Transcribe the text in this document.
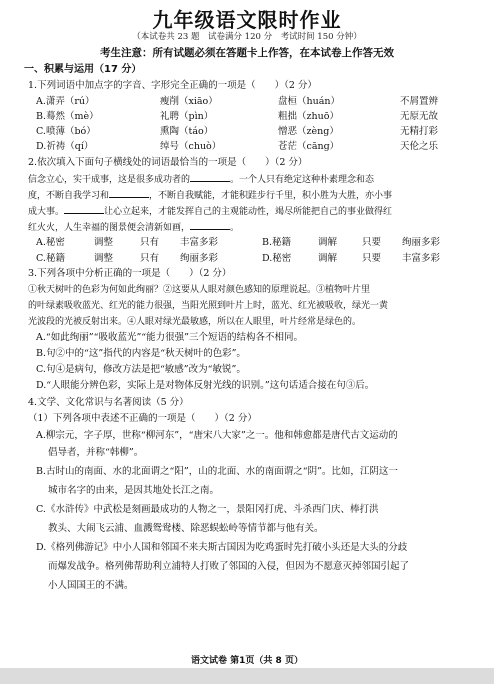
九年级语文限时作业
（本试卷共 23 题　试卷满分 120 分　考试时间 150 分钟）
考生注意：所有试题必须在答题卡上作答，在本试卷上作答无效
一、积累与运用（17 分）
1.下列词语中加点字的字音、字形完全正确的一项是（　　）（2 分）
A.潇弄（rú）	瘦削（xiāo）	盘桓（huán）	不屑置辨
B.蓦然（mè）	礼聘（pìn）	粗拙（zhuō）	无原无故
C.喷薄（bó）	熏陶（táo）	憎恶（zèng）	无精打彩
D.祈祷（qí）	绰号（chuò）	苍茫（cāng）	天伦之乐
2.依次填入下面句子横线处的词语最恰当的一项是（　　）（2 分）
信念立心，实干成事，这是很多成功者的	。一个人只有绝定这种朴素理念和态
度，不断自我学习和	，不断自我赋能，才能积跬步行千里，积小胜为大胜，亦小事
成大事。	让心立起来，才能发挥自己的主观能动性，竭尽所能把自己的事业做得红
红火火，人生幸福的图景便会清新如画，	。
A.秘密	调整	只有 丰富多彩	B.秘籍	调解	只要 绚丽多彩
C.秘籍	调整	只有 绚丽多彩	D.秘密	调解	只要 丰富多彩
3.下列各项中分析正确的一项是（　　）（2 分）
①秋天树叶的色彩为何如此绚丽？②这要从人眼对颜色感知的原理说起。③植物叶片里
的叶绿素吸收蓝光、红光的能力很强，当阳光照到叶片上时，蓝光、红光被吸收，绿光一黄
光波段的光被反射出来。④人眼对绿光最敏感，所以在人眼里，叶片经常是绿色的。
A.“如此绚丽”“吸收蓝光”“能力很强”三个短语的结构各不相同。
B.句②中的“这”指代的内容是“秋天树叶的色彩”。
C.句④是病句，修改方法是把“敏感”改为“敏锐”。
D.“人眼能分辨色彩，实际上是对物体反射光线的识别。”这句话适合接在句③后。
4.文学、文化常识与名著阅读（5 分）
（1）下列各项中表述不正确的一项是（　　）（2 分）
A.柳宗元，字子厚，世称“柳河东”，“唐宋八大家”之一。他和韩愈都是唐代古文运动的
倡导者，并称“韩柳”。
B.古时山的南面、水的北面谓之“阳”，山的北面、水的南面谓之“阴”。比如，江阴这一
城市名字的由来，是因其地处长江之南。
C.《水浒传》中武松是刻画最成功的人物之一，景阳冈打虎、斗杀西门庆、棒打洪
教头、大闹飞云浦、血溅鸳鸯楼、除恶蜈蚣岭等情节都与他有关。
D.《格列佛游记》中小人国和邻国不来夫斯古国因为吃鸡蛋时先打破小头还是大头的分歧
而爆发战争。格列佛帮助利立浦特人打败了邻国的入侵，但因为不愿意灭掉邻国引起了
小人国国王的不满。
语文试卷 第1页（共 8 页）
